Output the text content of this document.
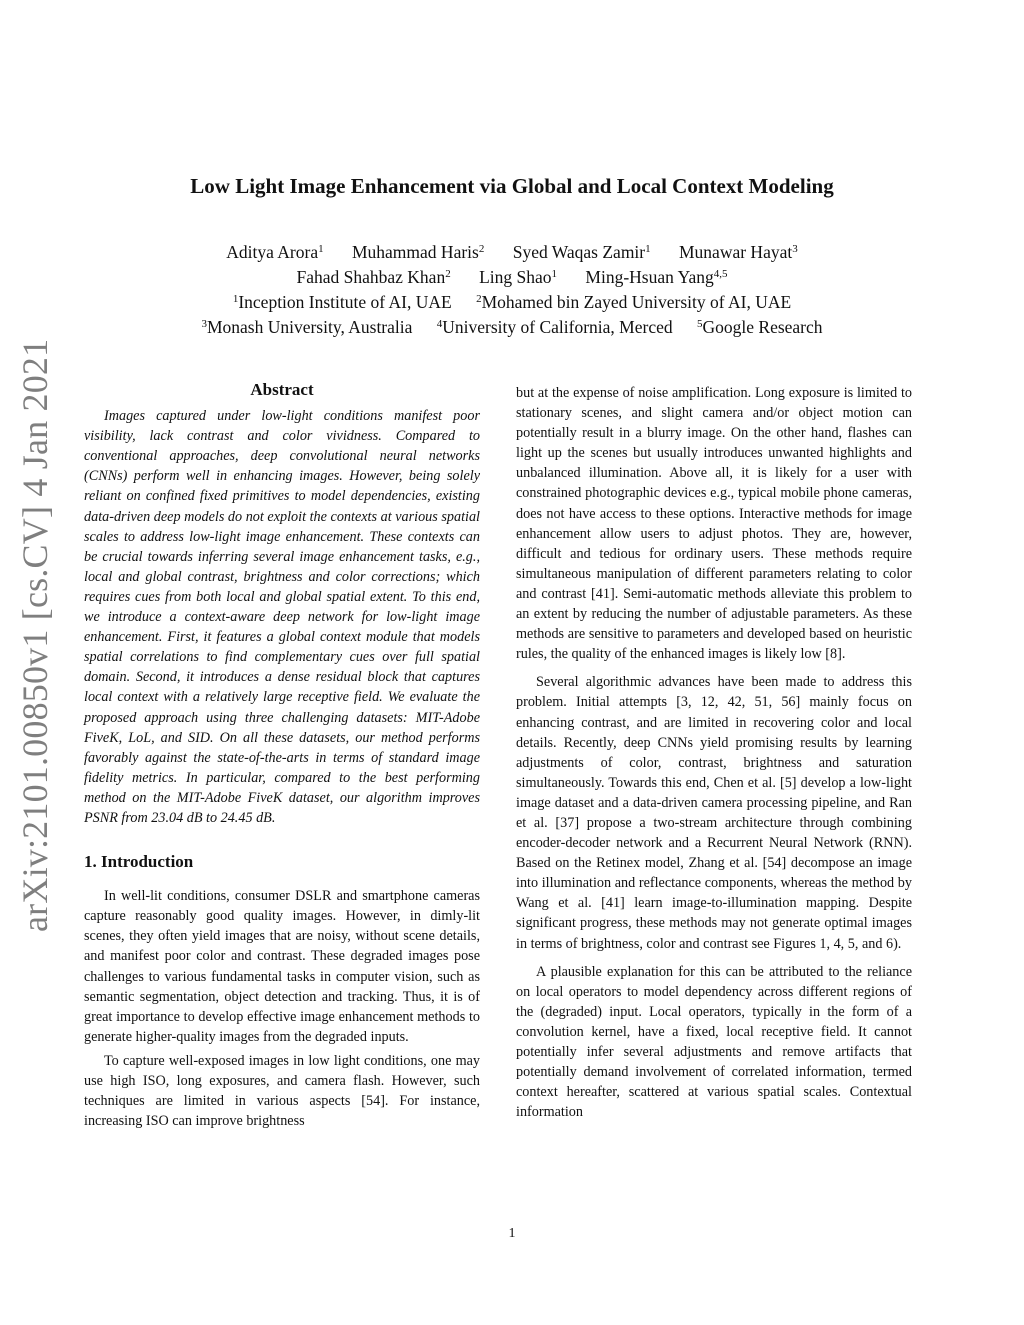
Low Light Image Enhancement via Global and Local Context Modeling
Aditya Arora$^1$ Muhammad Haris$^2$ Syed Waqas Zamir$^1$ Munawar Hayat$^3$
Fahad Shahbaz Khan$^2$ Ling Shao$^1$ Ming-Hsuan Yang$^{4,5}$
$^1$Inception Institute of AI, UAE $^2$Mohamed bin Zayed University of AI, UAE
$^3$Monash University, Australia $^4$University of California, Merced $^5$Google Research
arXiv:2101.00850v1 [cs.CV] 4 Jan 2021	Abstract

Images captured under low-light conditions manifest poor visibility, lack contrast and color vividness. Compared to conventional approaches, deep convolutional neural networks (CNNs) perform well in enhancing images. However, being solely reliant on confined fixed primitives to model dependencies, existing data-driven deep models do not exploit the contexts at various spatial scales to address low-light image enhancement. These contexts can be crucial towards inferring several image enhancement tasks, e.g., local and global contrast, brightness and color corrections; which requires cues from both local and global spatial extent. To this end, we introduce a context-aware deep network for low-light image enhancement. First, it features a global context module that models spatial correlations to find complementary cues over full spatial domain. Second, it introduces a dense residual block that captures local context with a relatively large receptive field. We evaluate the proposed approach using three challenging datasets: MIT-Adobe FiveK, LoL, and SID. On all these datasets, our method performs favorably against the state-of-the-arts in terms of standard image fidelity metrics. In particular, compared to the best performing method on the MIT-Adobe FiveK dataset, our algorithm improves PSNR from 23.04 dB to 24.45 dB.

1. Introduction

In well-lit conditions, consumer DSLR and smartphone cameras capture reasonably good quality images. However, in dimly-lit scenes, they often yield images that are noisy, without scene details, and manifest poor color and contrast. These degraded images pose challenges to various fundamental tasks in computer vision, such as semantic segmentation, object detection and tracking. Thus, it is of great importance to develop effective image enhancement methods to generate higher-quality images from the degraded inputs.

To capture well-exposed images in low light conditions, one may use high ISO, long exposures, and camera flash. However, such techniques are limited in various aspects [54]. For instance, increasing ISO can improve brightness

but at the expense of noise amplification. Long exposure is limited to stationary scenes, and slight camera and/or object motion can potentially result in a blurry image. On the other hand, flashes can light up the scenes but usually introduces unwanted highlights and unbalanced illumination. Above all, it is likely for a user with constrained photographic devices e.g., typical mobile phone cameras, does not have access to these options. Interactive methods for image enhancement allow users to adjust photos. They are, however, difficult and tedious for ordinary users. These methods require simultaneous manipulation of different parameters relating to color and contrast [41]. Semi-automatic methods alleviate this problem to an extent by reducing the number of adjustable parameters. As these methods are sensitive to parameters and developed based on heuristic rules, the quality of the enhanced images is likely low [8].

Several algorithmic advances have been made to address this problem. Initial attempts [3, 12, 42, 51, 56] mainly focus on enhancing contrast, and are limited in recovering color and local details. Recently, deep CNNs yield promising results by learning adjustments of color, contrast, brightness and saturation simultaneously. Towards this end, Chen et al. [5] develop a low-light image dataset and a data-driven camera processing pipeline, and Ran et al. [37] propose a two-stream architecture through combining encoder-decoder network and a Recurrent Neural Network (RNN). Based on the Retinex model, Zhang et al. [54] decompose an image into illumination and reflectance components, whereas the method by Wang et al. [41] learn image-to-illumination mapping. Despite significant progress, these methods may not generate optimal images in terms of brightness, color and contrast see Figures 1, 4, 5, and 6).

A plausible explanation for this can be attributed to the reliance on local operators to model dependency across different regions of the (degraded) input. Local operators, typically in the form of a convolution kernel, have a fixed, local receptive field. It cannot potentially infer several adjustments and remove artifacts that potentially demand involvement of correlated information, termed context hereafter, scattered at various spatial scales. Contextual information

1
